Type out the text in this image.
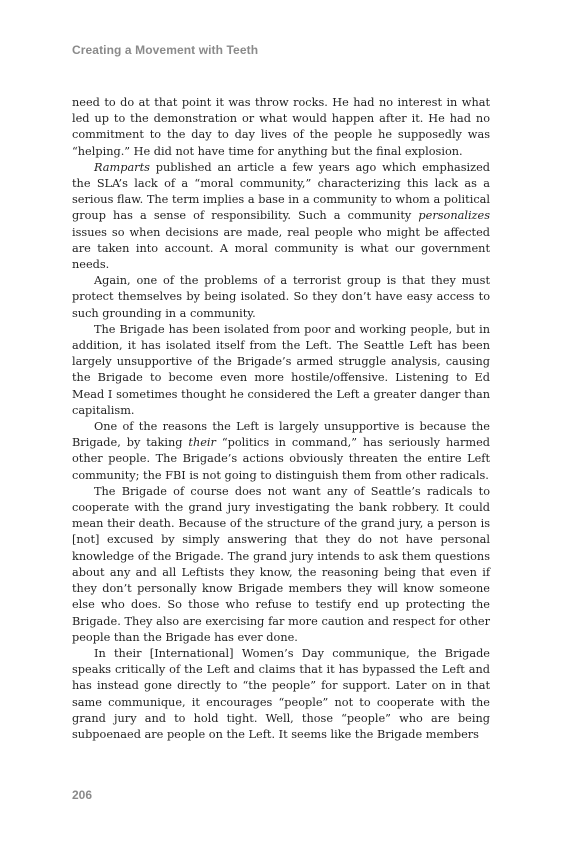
Creating a Movement with Teeth

need to do at that point it was throw rocks. He had no interest in what led up to the demonstration or what would happen after it. He had no commitment to the day to day lives of the people he supposedly was “helping.” He did not have time for anything but the final explosion.

Ramparts published an article a few years ago which emphasized the SLA’s lack of a “moral community,” characterizing this lack as a serious flaw. The term implies a base in a community to whom a political group has a sense of responsibility. Such a community personalizes issues so when decisions are made, real people who might be affected are taken into account. A moral community is what our government needs.

Again, one of the problems of a terrorist group is that they must protect themselves by being isolated. So they don’t have easy access to such grounding in a community.

The Brigade has been isolated from poor and working people, but in addition, it has isolated itself from the Left. The Seattle Left has been largely unsupportive of the Brigade’s armed struggle analysis, causing the Brigade to become even more hostile/offensive. Listening to Ed Mead I sometimes thought he considered the Left a greater danger than capitalism.

One of the reasons the Left is largely unsupportive is because the Brigade, by taking their “politics in command,” has seriously harmed other people. The Brigade’s actions obviously threaten the entire Left community; the FBI is not going to distinguish them from other radicals.

The Brigade of course does not want any of Seattle’s radicals to cooperate with the grand jury investigating the bank robbery. It could mean their death. Because of the structure of the grand jury, a person is [not] excused by simply answering that they do not have personal knowledge of the Brigade. The grand jury intends to ask them questions about any and all Leftists they know, the reasoning being that even if they don’t personally know Brigade members they will know someone else who does. So those who refuse to testify end up protecting the Brigade. They also are exercising far more caution and respect for other people than the Brigade has ever done.

In their [International] Women’s Day communique, the Brigade speaks critically of the Left and claims that it has bypassed the Left and has instead gone directly to “the people” for support. Later on in that same communique, it encourages “people” not to cooperate with the grand jury and to hold tight. Well, those “people” who are being subpoenaed are people on the Left. It seems like the Brigade members

206
